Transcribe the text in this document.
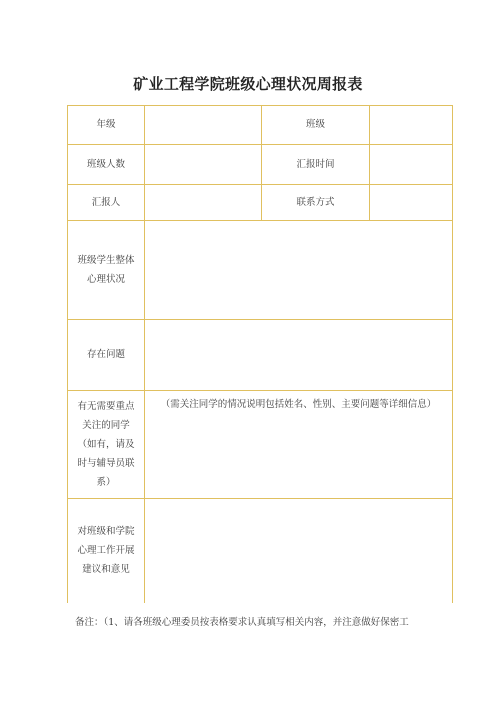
矿业工程学院班级心理状况周报表
年级		班级	
班级人数		汇报时间	
汇报人		联系方式	

班级学生整体
心理状况			

存在问题			

有无需要重点
关注的同学
（如有，请及
时与辅导员联
系）	（需关注同学的情况说明包括姓名、性别、主要问题等详细信息）		

对班级和学院
心理工作开展
建议和意见			

备注：（1、请各班级心理委员按表格要求认真填写相关内容，并注意做好保密工
